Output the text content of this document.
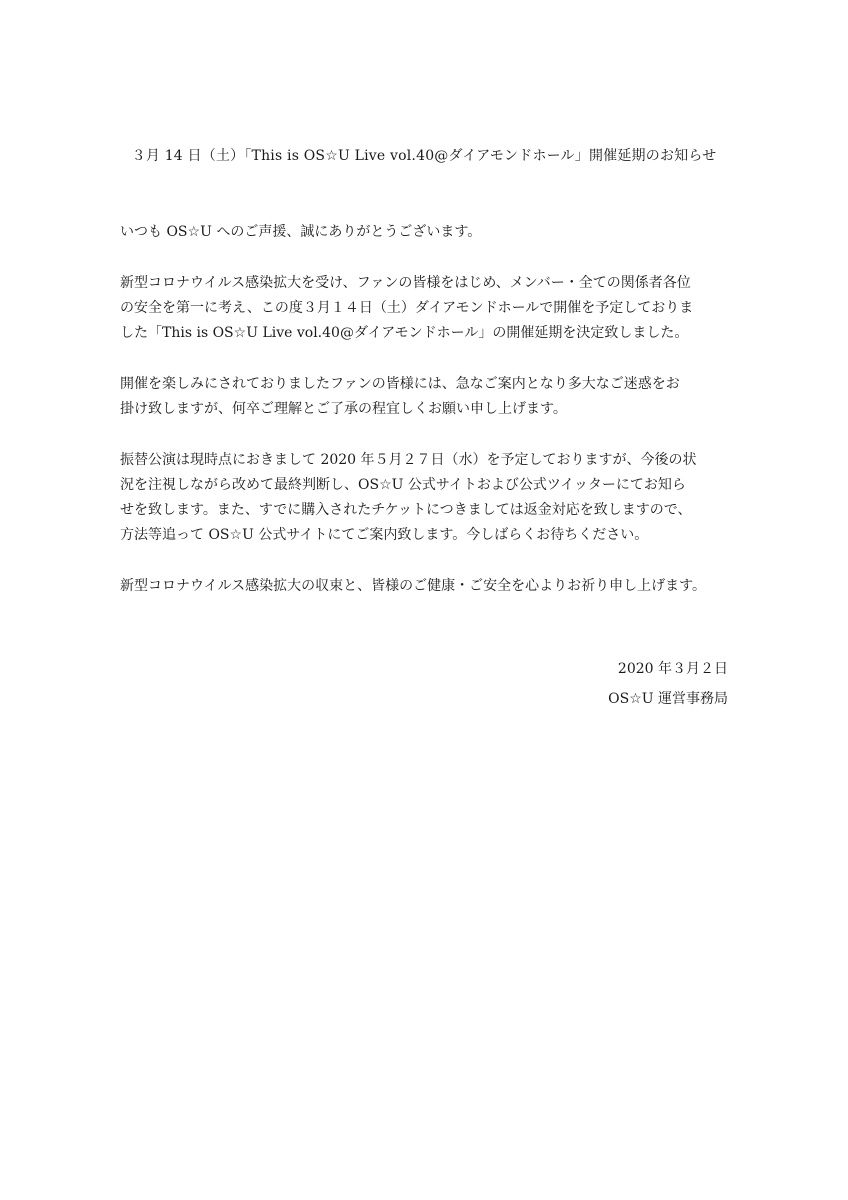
３月 14 日（土）「This is OS☆U Live vol.40@ダイアモンドホール」開催延期のお知らせ
いつも OS☆U へのご声援、誠にありがとうございます。
新型コロナウイルス感染拡大を受け、ファンの皆様をはじめ、メンバー・全ての関係者各位
の安全を第一に考え、この度３月１４日（土）ダイアモンドホールで開催を予定しておりま
した「This is OS☆U Live vol.40@ダイアモンドホール」の開催延期を決定致しました。
開催を楽しみにされておりましたファンの皆様には、急なご案内となり多大なご迷惑をお
掛け致しますが、何卒ご理解とご了承の程宜しくお願い申し上げます。
振替公演は現時点におきまして 2020 年５月２７日（水）を予定しておりますが、今後の状
況を注視しながら改めて最終判断し、OS☆U 公式サイトおよび公式ツイッターにてお知ら
せを致します。また、すでに購入されたチケットにつきましては返金対応を致しますので、
方法等追って OS☆U 公式サイトにてご案内致します。今しばらくお待ちください。
新型コロナウイルス感染拡大の収束と、皆様のご健康・ご安全を心よりお祈り申し上げます。
2020 年３月２日
OS☆U 運営事務局
